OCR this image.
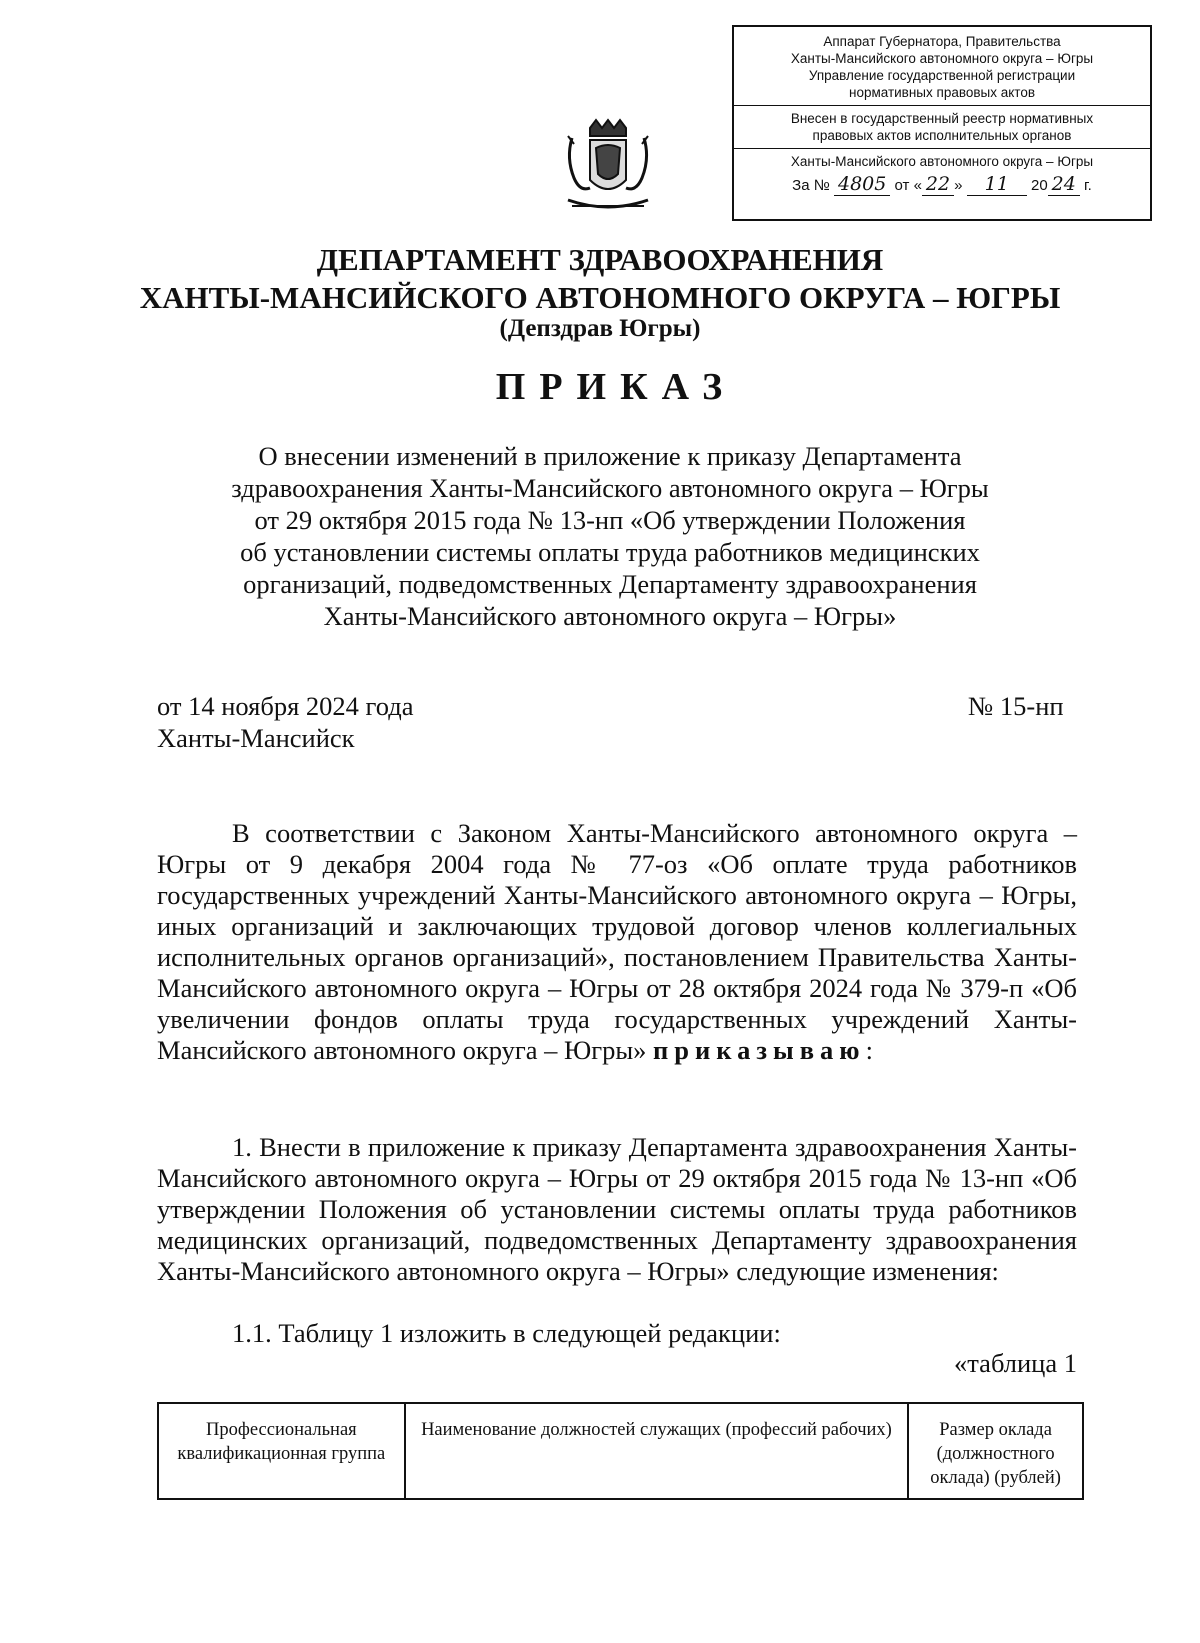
Аппарат Губернатора, Правительства
Ханты-Мансийского автономного округа – Югры
Управление государственной регистрации
нормативных правовых актов
Внесен в государственный реестр нормативных
правовых актов исполнительных органов
Ханты-Мансийского автономного округа – Югры
За № 4805 от « 22 » 11 20 24 г.
ДЕПАРТАМЕНТ ЗДРАВООХРАНЕНИЯ
ХАНТЫ-МАНСИЙСКОГО АВТОНОМНОГО ОКРУГА – ЮГРЫ
(Депздрав Югры)
ПРИКАЗ
О внесении изменений в приложение к приказу Департамента
здравоохранения Ханты-Мансийского автономного округа – Югры
от 29 октября 2015 года № 13-нп «Об утверждении Положения
об установлении системы оплаты труда работников медицинских
организаций, подведомственных Департаменту здравоохранения
Ханты-Мансийского автономного округа – Югры»
от 14 ноября 2024 года
Ханты-Мансийск
№ 15-нп
В соответствии с Законом Ханты-Мансийского автономного округа – Югры от 9 декабря 2004 года № 77-оз «Об оплате труда работников государственных учреждений Ханты-Мансийского автономного округа – Югры, иных организаций и заключающих трудовой договор членов коллегиальных исполнительных органов организаций», постановлением Правительства Ханты-Мансийского автономного округа – Югры от 28 октября 2024 года № 379-п «Об увеличении фондов оплаты труда государственных учреждений Ханты-Мансийского автономного округа – Югры» приказываю:
1. Внести в приложение к приказу Департамента здравоохранения Ханты-Мансийского автономного округа – Югры от 29 октября 2015 года № 13-нп «Об утверждении Положения об установлении системы оплаты труда работников медицинских организаций, подведомственных Департаменту здравоохранения Ханты-Мансийского автономного округа – Югры» следующие изменения:
1.1. Таблицу 1 изложить в следующей редакции:
«таблица 1
Профессиональная квалификационная группа	Наименование должностей служащих (профессий рабочих)	Размер оклада (должностного оклада) (рублей)
